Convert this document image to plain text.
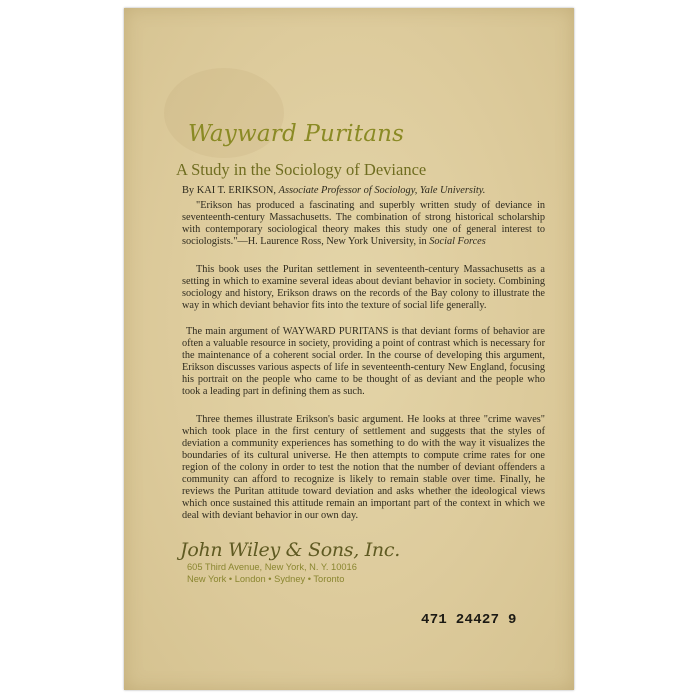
Wayward Puritans
A Study in the Sociology of Deviance

By KAI T. ERIKSON, Associate Professor of Sociology, Yale University.

"Erikson has produced a fascinating and superbly written study of deviance in seventeenth-century Massachusetts. The combination of strong historical scholarship with contemporary sociological theory makes this study one of general interest to sociologists."—H. Laurence Ross, New York University, in Social Forces

This book uses the Puritan settlement in seventeenth-century Massachusetts as a setting in which to examine several ideas about deviant behavior in society. Combining sociology and history, Erikson draws on the records of the Bay colony to illustrate the way in which deviant behavior fits into the texture of social life generally.

The main argument of WAYWARD PURITANS is that deviant forms of behavior are often a valuable resource in society, providing a point of contrast which is necessary for the maintenance of a coherent social order. In the course of developing this argument, Erikson discusses various aspects of life in seventeenth-century New England, focusing his portrait on the people who came to be thought of as deviant and the people who took a leading part in defining them as such.

Three themes illustrate Erikson's basic argument. He looks at three "crime waves" which took place in the first century of settlement and suggests that the styles of deviation a community experiences has something to do with the way it visualizes the boundaries of its cultural universe. He then attempts to compute crime rates for one region of the colony in order to test the notion that the number of deviant offenders a community can afford to recognize is likely to remain stable over time. Finally, he reviews the Puritan attitude toward deviation and asks whether the ideological views which once sustained this attitude remain an important part of the context in which we deal with deviant behavior in our own day.

John Wiley & Sons, Inc.

605 Third Avenue, New York, N. Y. 10016

New York • London • Sydney • Toronto

471 24427 9
